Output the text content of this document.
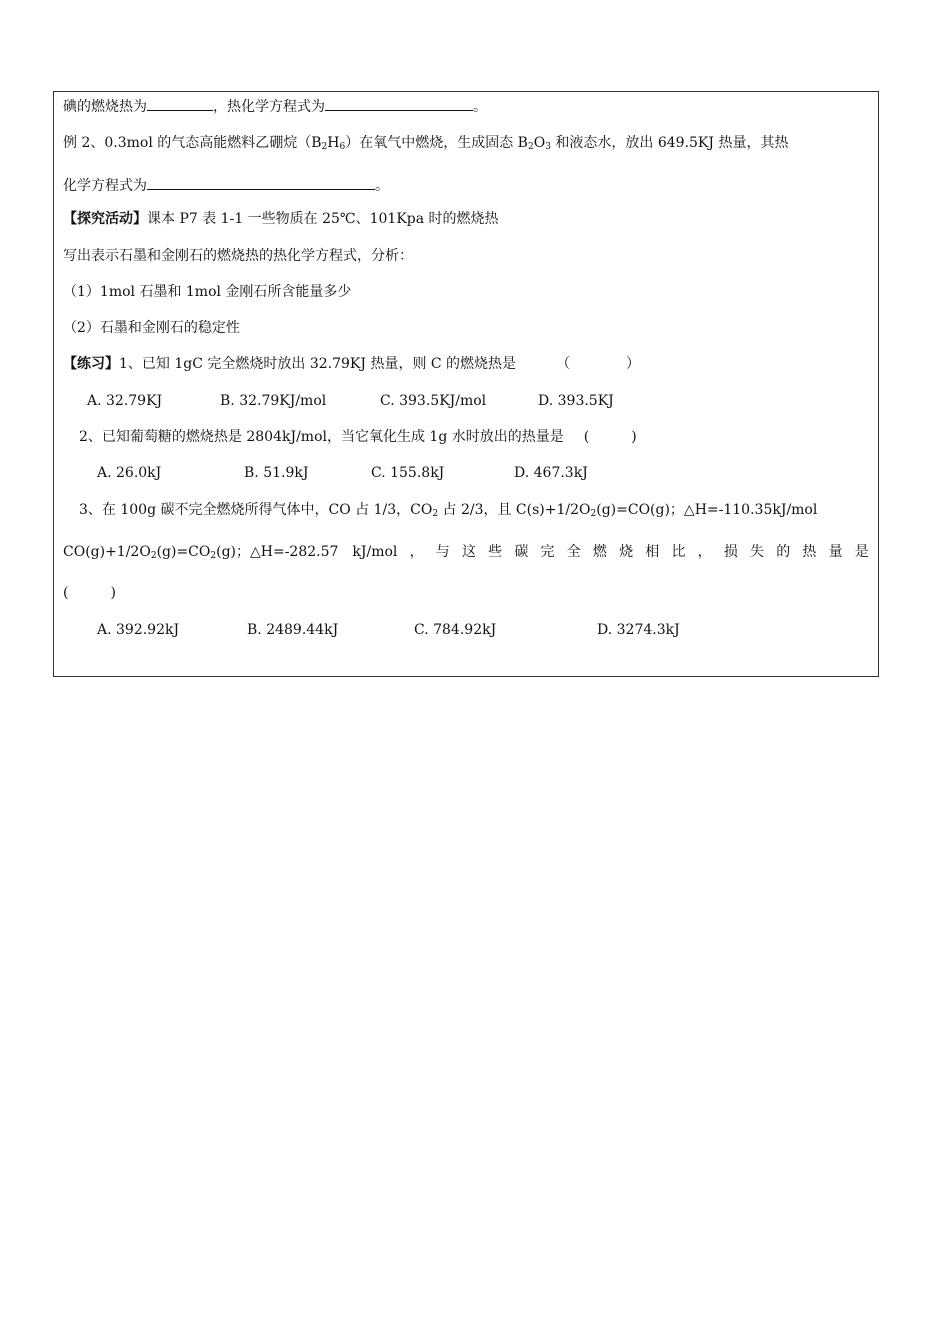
碘的燃烧热为	，热化学方程式为	。
例 2、0.3mol 的气态高能燃料乙硼烷$(B_2H_6)$在氧气中燃烧，生成固态 $B_2O_3$ 和液态水，放出 649.5KJ 热量，其热
化学方程式为	。
【探究活动】课本 P7 表 1-1 一些物质在 25℃、101Kpa 时的燃烧热
写出表示石墨和金刚石的燃烧热的热化学方程式，分析：
（1）1mol 石墨和 1mol 金刚石所含能量多少
（2）石墨和金刚石的稳定性
【练习】1、已知 1gC 完全燃烧时放出 32.79KJ 热量，则 C 的燃烧热是	（　　　　）
A. 32.79KJ	B. 32.79KJ/mol	C. 393.5KJ/mol	D. 393.5KJ
2、已知葡萄糖的燃烧热是 2804kJ/mol，当它氧化生成 1g 水时放出的热量是 (　　　)
A. 26.0kJ	B. 51.9kJ	C. 155.8kJ	D. 467.3kJ
3、在 100g 碳不完全燃烧所得气体中，CO 占 1/3，$CO_2$ 占 2/3，且 $C(s)+1/2O_2(g)=CO(g)$；△H=-110.35kJ/mol
$CO(g)+1/2O_2(g)=CO_2(g)$；△H=-282.57　kJ/mol ， 与 这 些 碳 完 全 燃 烧 相 比 ， 损 失 的 热 量 是
(　　　)
A. 392.92kJ	B. 2489.44kJ	C. 784.92kJ	D. 3274.3kJ
